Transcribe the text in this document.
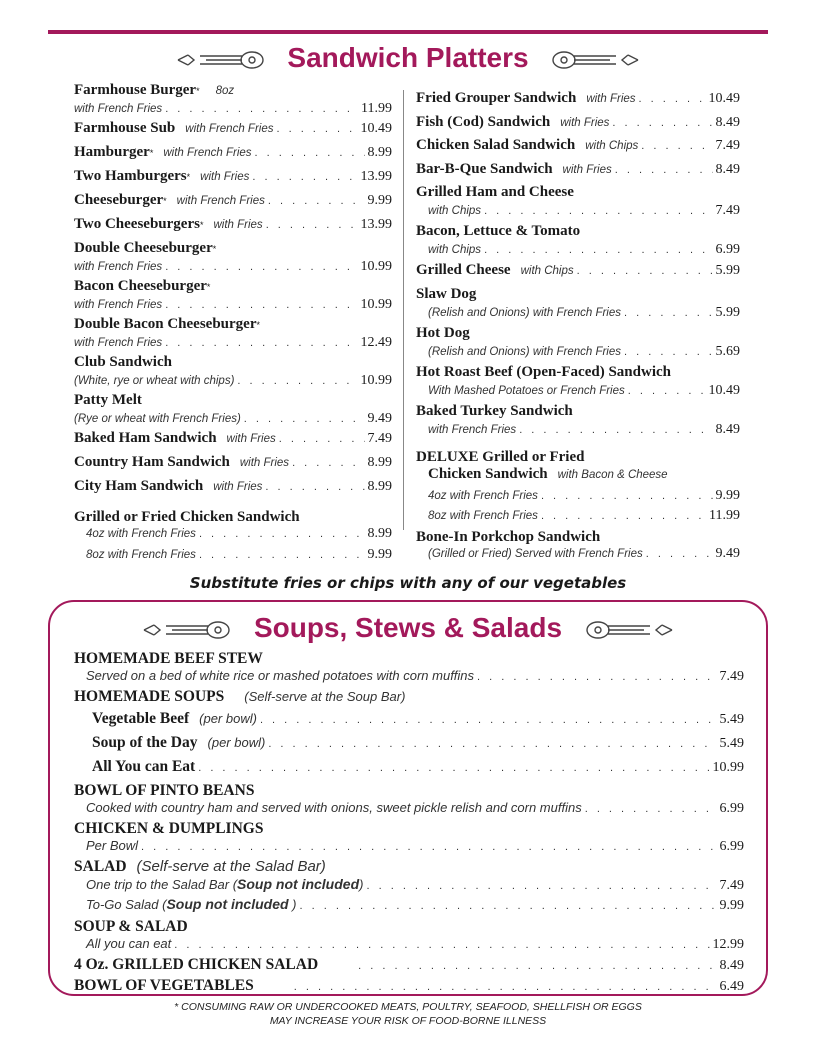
Sandwich Platters
Farmhouse Burger * 8oz
with French Fries . . .	11.99
Farmhouse Sub with French Fries . . .	10.49
Hamburger * with French Fries . . .	8.99
Two Hamburgers * with Fries . . .	13.99
Cheeseburger * with French Fries . . .	9.99
Two Cheeseburgers * with Fries . . .	13.99
Double Cheeseburger *
with French Fries . . .	10.99
Bacon Cheeseburger *
with French Fries . . .	10.99
Double Bacon Cheeseburger *
with French Fries . . .	12.49
Club Sandwich
(White, rye or wheat with chips) . . .	10.99
Patty Melt
(Rye or wheat with French Fries) . . .	9.49
Baked Ham Sandwich with Fries . . .	7.49
Country Ham Sandwich with Fries . . .	8.99
City Ham Sandwich with Fries . . .	8.99
Grilled or Fried Chicken Sandwich
4oz with French Fries . . .	8.99
8oz with French Fries . . .	9.99
Fried Grouper Sandwich with Fries . . .	10.49
Fish (Cod) Sandwich with Fries . . .	8.49
Chicken Salad Sandwich with Chips . . .	7.49
Bar-B-Que Sandwich with Fries . . .	8.49
Grilled Ham and Cheese
with Chips . . .	7.49
Bacon, Lettuce & Tomato
with Chips . . .	6.99
Grilled Cheese with Chips . . .	5.99
Slaw Dog
(Relish and Onions) with French Fries . . .	5.99
Hot Dog
(Relish and Onions) with French Fries . . .	5.69
Hot Roast Beef (Open-Faced) Sandwich
With Mashed Potatoes or French Fries . . .	10.49
Baked Turkey Sandwich
with French Fries . . .	8.49
DELUXE Grilled or Fried
Chicken Sandwich with Bacon & Cheese
4oz with French Fries . . .	9.99
8oz with French Fries . . .	11.99
Bone-In Porkchop Sandwich
(Grilled or Fried) Served with French Fries . . .	9.49
Substitute fries or chips with any of our vegetables
Soups, Stews & Salads
HOMEMADE BEEF STEW
Served on a bed of white rice or mashed potatoes with corn muffins . . .	7.49
HOMEMADE SOUPS (Self-serve at the Soup Bar)
Vegetable Beef (per bowl) . . .	5.49
Soup of the Day (per bowl) . . .	5.49
All You can Eat . . .	10.99
BOWL OF PINTO BEANS
Cooked with country ham and served with onions, sweet pickle relish and corn muffins . . .	6.99
CHICKEN & DUMPLINGS
Per Bowl . . .	6.99
SALAD (Self-serve at the Salad Bar)
One trip to the Salad Bar (Soup not included) . . .	7.49
To-Go Salad (Soup not included ) . . .	9.99
SOUP & SALAD
All you can eat . . .	12.99
4 Oz. GRILLED CHICKEN SALAD . . .	8.49
BOWL OF VEGETABLES . . .	6.49
* CONSUMING RAW OR UNDERCOOKED MEATS, POULTRY, SEAFOOD, SHELLFISH OR EGGS
MAY INCREASE YOUR RISK OF FOOD-BORNE ILLNESS
